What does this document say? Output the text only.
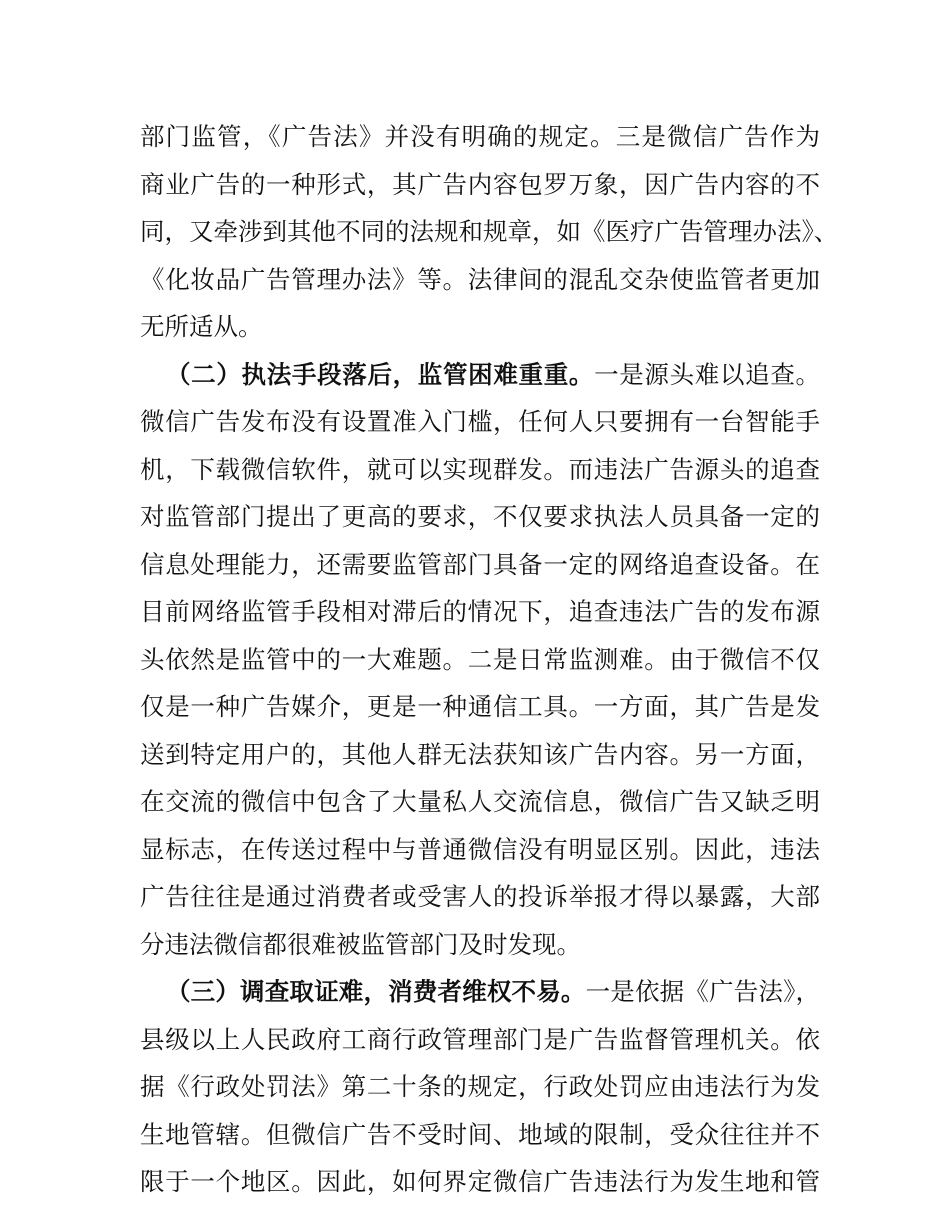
部门监管，《广告法》并没有明确的规定。三是微信广告作为
商业广告的一种形式，其广告内容包罗万象，因广告内容的不
同，又牵涉到其他不同的法规和规章，如《医疗广告管理办法》、
《化妆品广告管理办法》等。法律间的混乱交杂使监管者更加
无所适从。
（二）执法手段落后，监管困难重重。一是源头难以追查。
微信广告发布没有设置准入门槛，任何人只要拥有一台智能手
机，下载微信软件，就可以实现群发。而违法广告源头的追查
对监管部门提出了更高的要求，不仅要求执法人员具备一定的
信息处理能力，还需要监管部门具备一定的网络追查设备。在
目前网络监管手段相对滞后的情况下，追查违法广告的发布源
头依然是监管中的一大难题。二是日常监测难。由于微信不仅
仅是一种广告媒介，更是一种通信工具。一方面，其广告是发
送到特定用户的，其他人群无法获知该广告内容。另一方面，
在交流的微信中包含了大量私人交流信息，微信广告又缺乏明
显标志，在传送过程中与普通微信没有明显区别。因此，违法
广告往往是通过消费者或受害人的投诉举报才得以暴露，大部
分违法微信都很难被监管部门及时发现。
（三）调查取证难，消费者维权不易。一是依据《广告法》，
县级以上人民政府工商行政管理部门是广告监督管理机关。依
据《行政处罚法》第二十条的规定，行政处罚应由违法行为发
生地管辖。但微信广告不受时间、地域的限制，受众往往并不
限于一个地区。因此，如何界定微信广告违法行为发生地和管
